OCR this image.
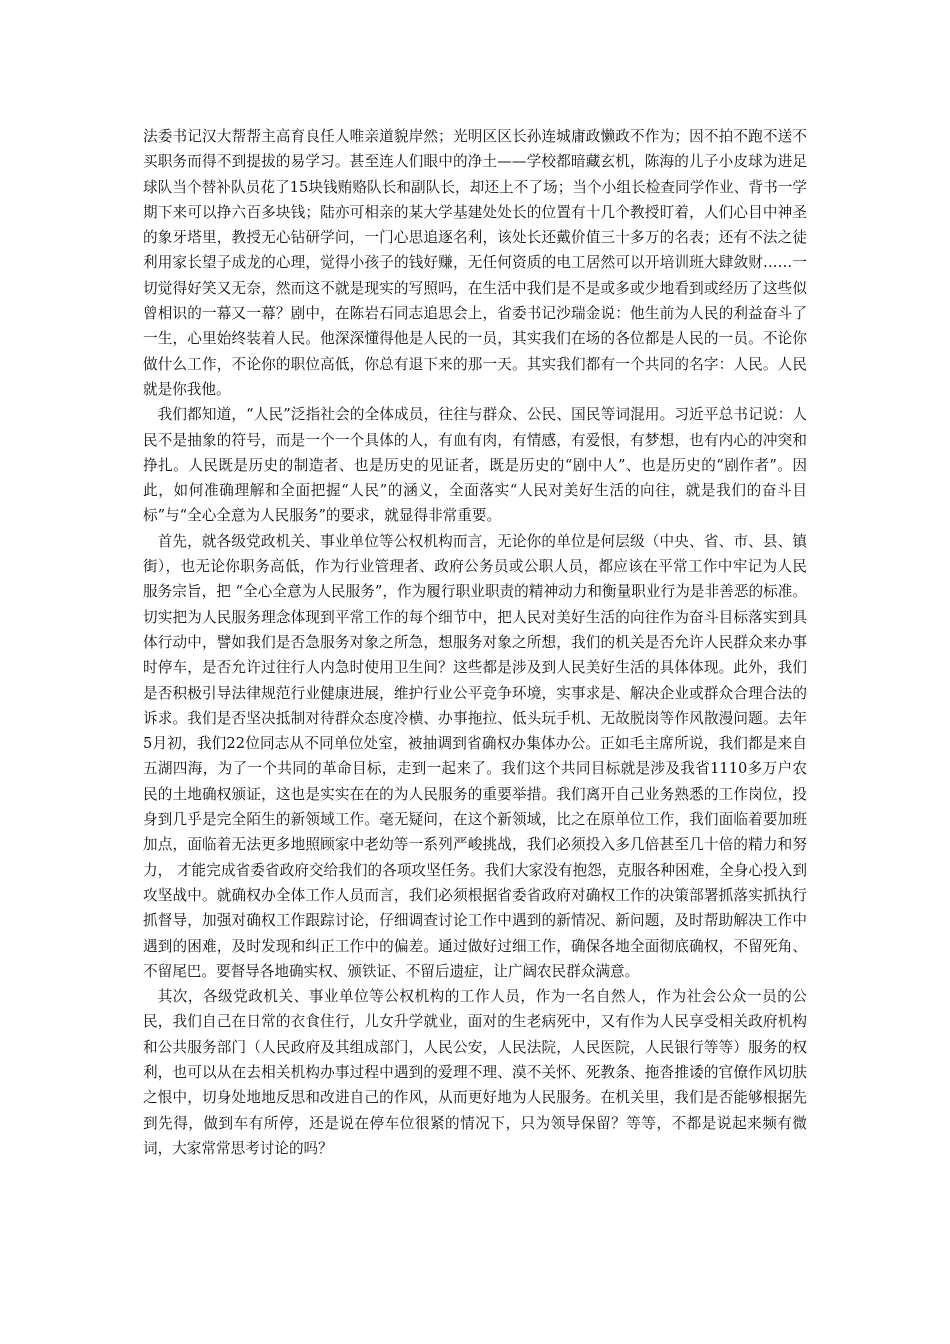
法委书记汉大帮帮主高育良任人唯亲道貌岸然；光明区区长孙连城庸政懒政不作为；因不拍不跑不送不买职务而得不到提拔的易学习。甚至连人们眼中的净土——学校都暗藏玄机，陈海的儿子小皮球为进足球队当个替补队员花了15块钱贿赂队长和副队长，却还上不了场；当个小组长检查同学作业、背书一学期下来可以挣六百多块钱；陆亦可相亲的某大学基建处处长的位置有十几个教授盯着，人们心目中神圣的象牙塔里，教授无心钻研学问，一门心思追逐名利，该处长还戴价值三十多万的名表；还有不法之徒利用家长望子成龙的心理，觉得小孩子的钱好赚，无任何资质的电工居然可以开培训班大肆敛财……一切觉得好笑又无奈，然而这不就是现实的写照吗，在生活中我们是不是或多或少地看到或经历了这些似曾相识的一幕又一幕？剧中，在陈岩石同志追思会上，省委书记沙瑞金说：他生前为人民的利益奋斗了一生，心里始终装着人民。他深深懂得他是人民的一员，其实我们在场的各位都是人民的一员。不论你做什么工作，不论你的职位高低，你总有退下来的那一天。其实我们都有一个共同的名字：人民。人民就是你我他。

我们都知道，“人民”泛指社会的全体成员，往往与群众、公民、国民等词混用。习近平总书记说：人民不是抽象的符号，而是一个一个具体的人，有血有肉，有情感，有爱恨，有梦想，也有内心的冲突和挣扎。人民既是历史的制造者、也是历史的见证者，既是历史的“剧中人”、也是历史的“剧作者”。因此，如何准确理解和全面把握“人民”的涵义，全面落实“人民对美好生活的向往，就是我们的奋斗目标”与“全心全意为人民服务”的要求，就显得非常重要。

首先，就各级党政机关、事业单位等公权机构而言，无论你的单位是何层级（中央、省、市、县、镇街），也无论你职务高低，作为行业管理者、政府公务员或公职人员，都应该在平常工作中牢记为人民服务宗旨，把 “全心全意为人民服务”，作为履行职业职责的精神动力和衡量职业行为是非善恶的标准。切实把为人民服务理念体现到平常工作的每个细节中，把人民对美好生活的向往作为奋斗目标落实到具体行动中，譬如我们是否急服务对象之所急，想服务对象之所想，我们的机关是否允许人民群众来办事时停车，是否允许过往行人内急时使用卫生间？这些都是涉及到人民美好生活的具体体现。此外，我们是否积极引导法律规范行业健康进展，维护行业公平竞争环境，实事求是、解决企业或群众合理合法的诉求。我们是否坚决抵制对待群众态度冷横、办事拖拉、低头玩手机、无故脱岗等作风散漫问题。去年5月初，我们22位同志从不同单位处室，被抽调到省确权办集体办公。正如毛主席所说，我们都是来自五湖四海，为了一个共同的革命目标，走到一起来了。我们这个共同目标就是涉及我省1110多万户农民的土地确权颁证，这也是实实在在的为人民服务的重要举措。我们离开自己业务熟悉的工作岗位，投身到几乎是完全陌生的新领域工作。毫无疑问，在这个新领域，比之在原单位工作，我们面临着要加班加点，面临着无法更多地照顾家中老幼等一系列严峻挑战，我们必须投入多几倍甚至几十倍的精力和努力， 才能完成省委省政府交给我们的各项攻坚任务。我们大家没有抱怨，克服各种困难，全身心投入到攻坚战中。就确权办全体工作人员而言，我们必须根据省委省政府对确权工作的决策部署抓落实抓执行抓督导，加强对确权工作跟踪讨论，仔细调查讨论工作中遇到的新情况、新问题，及时帮助解决工作中遇到的困难，及时发现和纠正工作中的偏差。通过做好过细工作，确保各地全面彻底确权，不留死角、不留尾巴。要督导各地确实权、颁铁证、不留后遗症，让广阔农民群众满意。

其次，各级党政机关、事业单位等公权机构的工作人员，作为一名自然人，作为社会公众一员的公民，我们自己在日常的衣食住行，儿女升学就业，面对的生老病死中，又有作为人民享受相关政府机构和公共服务部门（人民政府及其组成部门，人民公安，人民法院，人民医院，人民银行等等）服务的权利，也可以从在去相关机构办事过程中遇到的爱理不理、漠不关怀、死教条、拖沓推诿的官僚作风切肤之恨中，切身处地地反思和改进自己的作风，从而更好地为人民服务。在机关里，我们是否能够根据先到先得，做到车有所停，还是说在停车位很紧的情况下，只为领导保留？等等，不都是说起来频有微词，大家常常思考讨论的吗？
